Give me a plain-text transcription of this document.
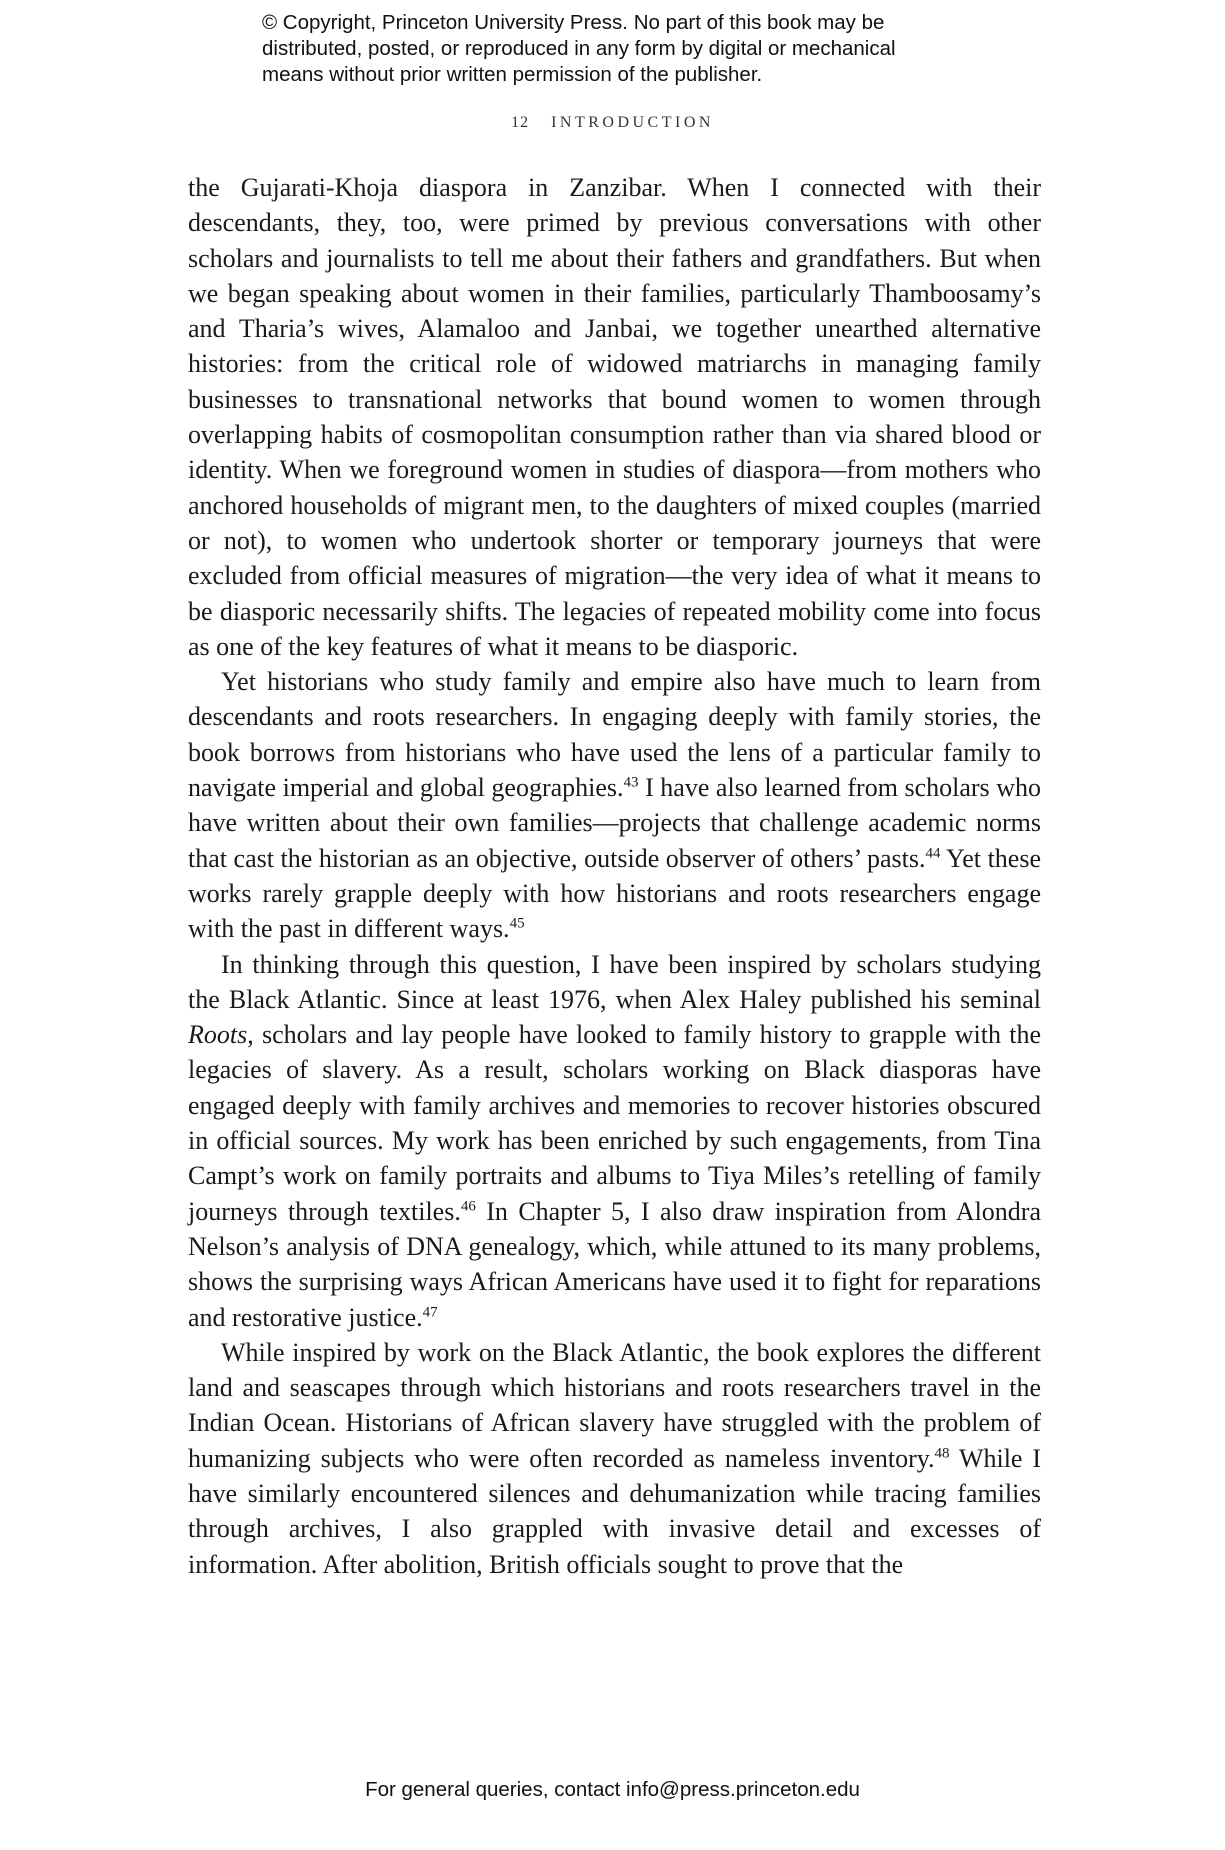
© Copyright, Princeton University Press. No part of this book may be
distributed, posted, or reproduced in any form by digital or mechanical
means without prior written permission of the publisher.
12 INTRODUCTION

the Gujarati-Khoja diaspora in Zanzibar. When I connected with their descendants, they, too, were primed by previous conversations with other scholars and journalists to tell me about their fathers and grandfathers. But when we began speaking about women in their families, particularly Thamboosamy’s and Tharia’s wives, Alamaloo and Janbai, we together unearthed alternative histories: from the critical role of widowed matriarchs in managing family businesses to transnational networks that bound women to women through overlapping habits of cosmopolitan consumption rather than via shared blood or identity. When we foreground women in studies of diaspora—from mothers who anchored households of migrant men, to the daughters of mixed couples (married or not), to women who undertook shorter or temporary journeys that were excluded from official measures of migration—the very idea of what it means to be diasporic necessarily shifts. The legacies of repeated mobility come into focus as one of the key features of what it means to be diasporic.

Yet historians who study family and empire also have much to learn from descendants and roots researchers. In engaging deeply with family stories, the book borrows from historians who have used the lens of a particular family to navigate imperial and global geographies.$^{43}$ I have also learned from scholars who have written about their own families—projects that challenge academic norms that cast the historian as an objective, outside observer of others’ pasts.$^{44}$ Yet these works rarely grapple deeply with how historians and roots researchers engage with the past in different ways.$^{45}$

In thinking through this question, I have been inspired by scholars studying the Black Atlantic. Since at least 1976, when Alex Haley published his seminal Roots, scholars and lay people have looked to family history to grapple with the legacies of slavery. As a result, scholars working on Black diasporas have engaged deeply with family archives and memories to recover histories obscured in official sources. My work has been enriched by such engagements, from Tina Campt’s work on family portraits and albums to Tiya Miles’s retelling of family journeys through textiles.$^{46}$ In Chapter 5, I also draw inspiration from Alondra Nelson’s analysis of DNA genealogy, which, while attuned to its many problems, shows the surprising ways African Americans have used it to fight for reparations and restorative justice.$^{47}$

While inspired by work on the Black Atlantic, the book explores the different land and seascapes through which historians and roots researchers travel in the Indian Ocean. Historians of African slavery have struggled with the problem of humanizing subjects who were often recorded as nameless inventory.$^{48}$ While I have similarly encountered silences and dehumanization while tracing families through archives, I also grappled with invasive detail and excesses of information. After abolition, British officials sought to prove that the

For general queries, contact info@press.princeton.edu
